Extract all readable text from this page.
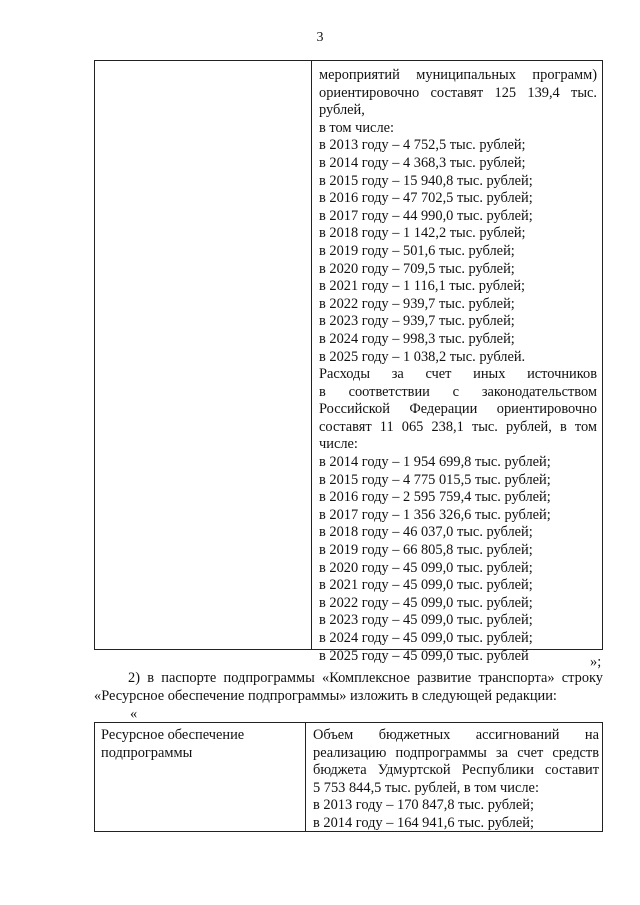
3
мероприятий муниципальных программ)
ориентировочно составят 125 139,4 тыс. рублей,
в том числе:
в 2013 году – 4 752,5 тыс. рублей;
в 2014 году – 4 368,3 тыс. рублей;
в 2015 году – 15 940,8 тыс. рублей;
в 2016 году – 47 702,5 тыс. рублей;
в 2017 году – 44 990,0 тыс. рублей;
в 2018 году – 1 142,2 тыс. рублей;
в 2019 году – 501,6 тыс. рублей;
в 2020 году – 709,5 тыс. рублей;
в 2021 году – 1 116,1 тыс. рублей;
в 2022 году – 939,7 тыс. рублей;
в 2023 году – 939,7 тыс. рублей;
в 2024 году – 998,3 тыс. рублей;
в 2025 году – 1 038,2 тыс. рублей.
Расходы за счет иных источников
в соответствии с законодательством
Российской Федерации ориентировочно
составят 11 065 238,1 тыс. рублей, в том
числе:
в 2014 году – 1 954 699,8 тыс. рублей;
в 2015 году – 4 775 015,5 тыс. рублей;
в 2016 году – 2 595 759,4 тыс. рублей;
в 2017 году – 1 356 326,6 тыс. рублей;
в 2018 году – 46 037,0 тыс. рублей;
в 2019 году – 66 805,8 тыс. рублей;
в 2020 году – 45 099,0 тыс. рублей;
в 2021 году – 45 099,0 тыс. рублей;
в 2022 году – 45 099,0 тыс. рублей;
в 2023 году – 45 099,0 тыс. рублей;
в 2024 году – 45 099,0 тыс. рублей;
в 2025 году – 45 099,0 тыс. рублей	»;
2) в паспорте подпрограммы «Комплексное развитие транспорта» строку
«Ресурсное обеспечение подпрограммы» изложить в следующей редакции:
«
Ресурсное обеспечение
подпрограммы
Объем бюджетных ассигнований на
реализацию подпрограммы за счет средств
бюджета Удмуртской Республики составит
5 753 844,5 тыс. рублей, в том числе:
в 2013 году – 170 847,8 тыс. рублей;
в 2014 году – 164 941,6 тыс. рублей;
